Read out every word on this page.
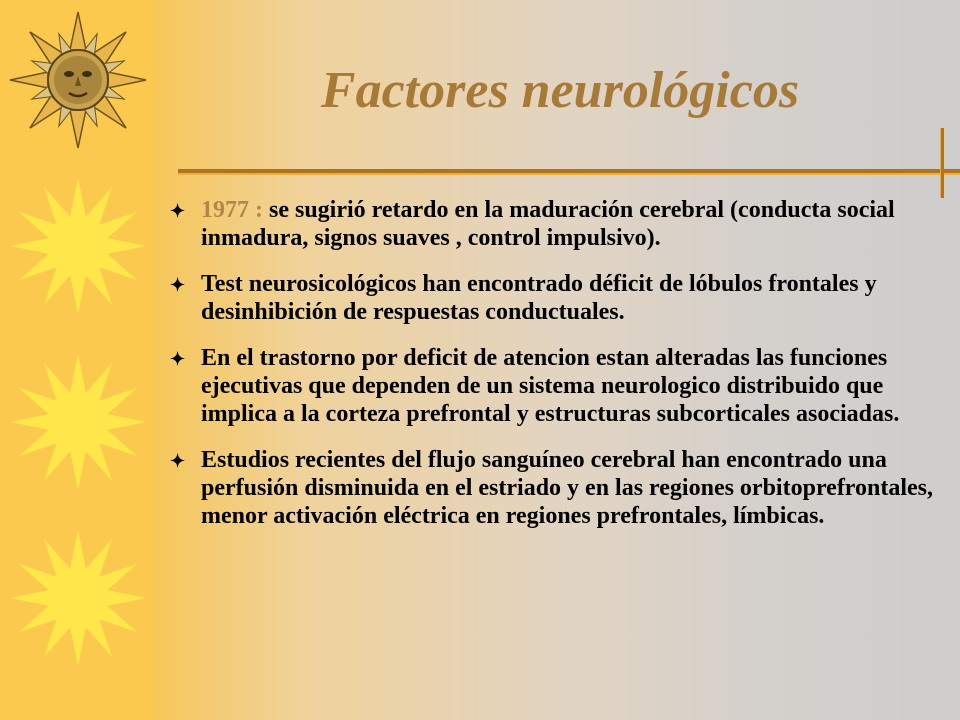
Factores neurológicos
✦ 1977 : se sugirió retardo en la maduración cerebral (conducta social inmadura, signos suaves , control impulsivo).
✦ Test neurosicológicos han encontrado déficit de lóbulos frontales y desinhibición de respuestas conductuales.
✦ En el trastorno por deficit de atencion estan alteradas las funciones ejecutivas que dependen de un sistema neurologico distribuido que implica a la corteza prefrontal y estructuras subcorticales asociadas.
✦ Estudios recientes del flujo sanguíneo cerebral han encontrado una perfusión disminuida en el estriado y en las regiones orbitoprefrontales, menor activación eléctrica en regiones prefrontales, límbicas.
